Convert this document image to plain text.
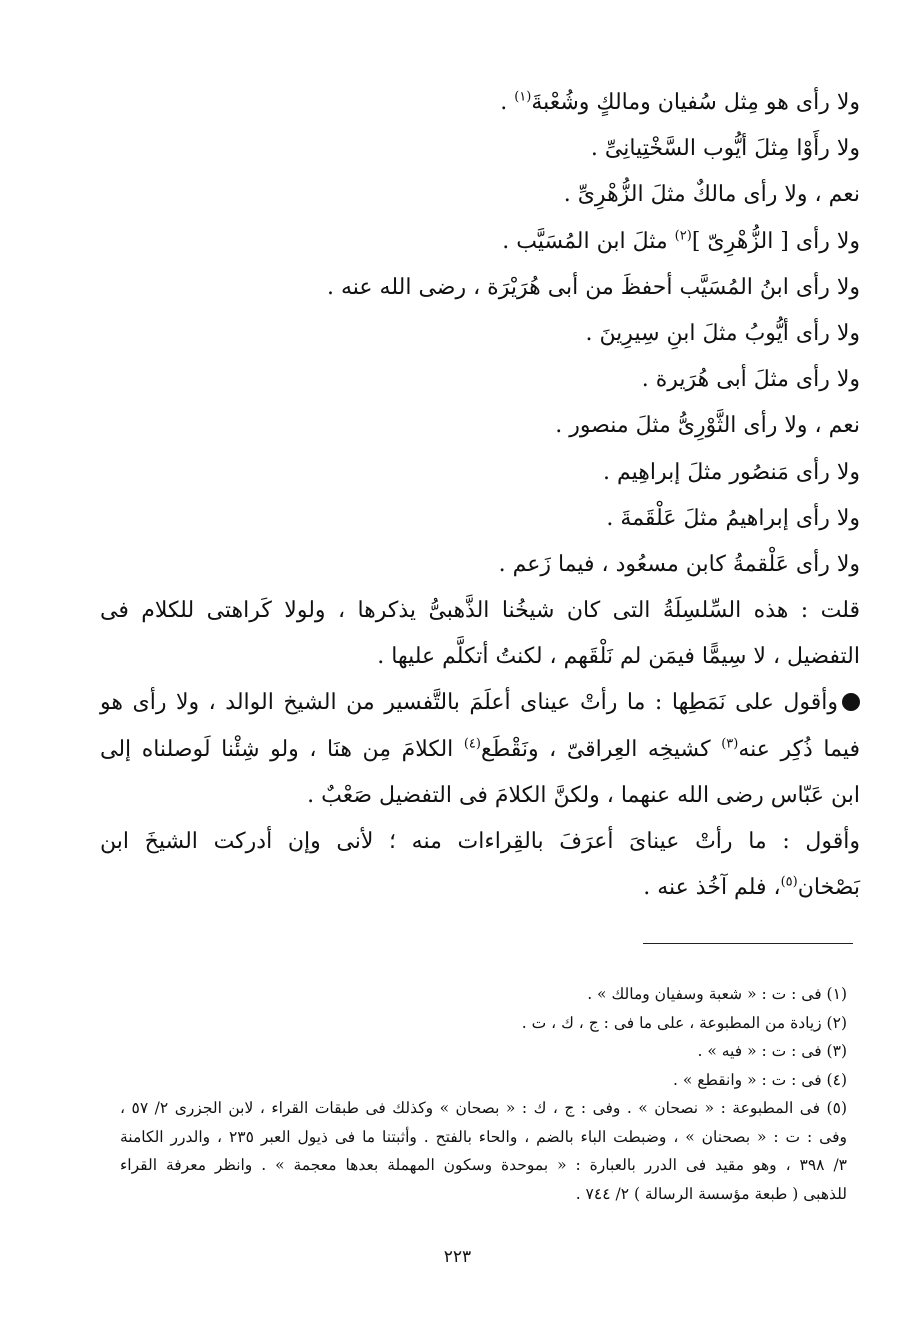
ولا رأى هو مِثل سُفيان ومالكٍ وشُعْبةَ$^{(١)}$ .
ولا رأَوْا مِثلَ أيُّوب السَّخْتِيانِىِّ .
نعم ، ولا رأى مالكٌ مثلَ الزُّهْرِىِّ .
ولا رأى [ الزُّهْرِىّ ]$^{(٢)}$ مثلَ ابن المُسَيَّب .
ولا رأى ابنُ المُسَيَّب أحفظَ من أبى هُرَيْرَة ، رضى الله عنه .
ولا رأى أيُّوبُ مثلَ ابنِ سِيرِينَ .
ولا رأى مثلَ أبى هُرَيرة .
نعم ، ولا رأى الثَّوْرِىُّ مثلَ منصور .
ولا رأى مَنصُور مثلَ إبراهِيم .
ولا رأى إبراهيمُ مثلَ عَلْقَمةَ .
ولا رأى عَلْقمةُ كابن مسعُود ، فيما زَعم .
قلت : هذه السِّلسِلَةُ التى كان شيخُنا الذَّهبىُّ يذكرها ، ولولا كَراهتى للكلام فى
التفضيل ، لا سِيمًّا فيمَن لم نَلْقَهم ، لكنتُ أتكلَّم عليها .
وأقول على نَمَطِها : ما رأتْ عيناى أعلَمَ بالتَّفسير من الشيخ الوالد ، ولا رأى هو
فيما ذُكِر عنه$^{(٣)}$ كشيخِه العِراقىّ ، ونَقْطَع$^{(٤)}$ الكلامَ مِن هنَا ، ولو شِئْنا لَوصلناه إلى
ابن عَبّاس رضى الله عنهما ، ولكنَّ الكلامَ فى التفضيل صَعْبٌ .
وأقول : ما رأتْ عيناىَ أعرَفَ بالقِراءات منه ؛ لأنى وإن أدركت الشيخَ ابن
بَصْخان$^{(٥)}$، فلم آخُذ عنه .
(١) فى : ت : « شعبة وسفيان ومالك » .
(٢) زيادة من المطبوعة ، على ما فى : ج ، ك ، ت .
(٣) فى : ت : « فيه » .
(٤) فى : ت : « وانقطع » .
(٥) فى المطبوعة : « نصحان » . وفى : ج ، ك : « بصحان » وكذلك فى طبقات القراء ، لابن الجزرى ٢/ ٥٧ ،
وفى : ت : « بصحنان » ، وضبطت الباء بالضم ، والحاء بالفتح . وأثبتنا ما فى ذيول العبر ٢٣٥ ، والدرر الكامنة
٣/ ٣٩٨ ، وهو مقيد فى الدرر بالعبارة : « بموحدة وسكون المهملة بعدها معجمة » . وانظر معرفة القراء
للذهبى ( طبعة مؤسسة الرسالة ) ٢/ ٧٤٤ .
٢٢٣
